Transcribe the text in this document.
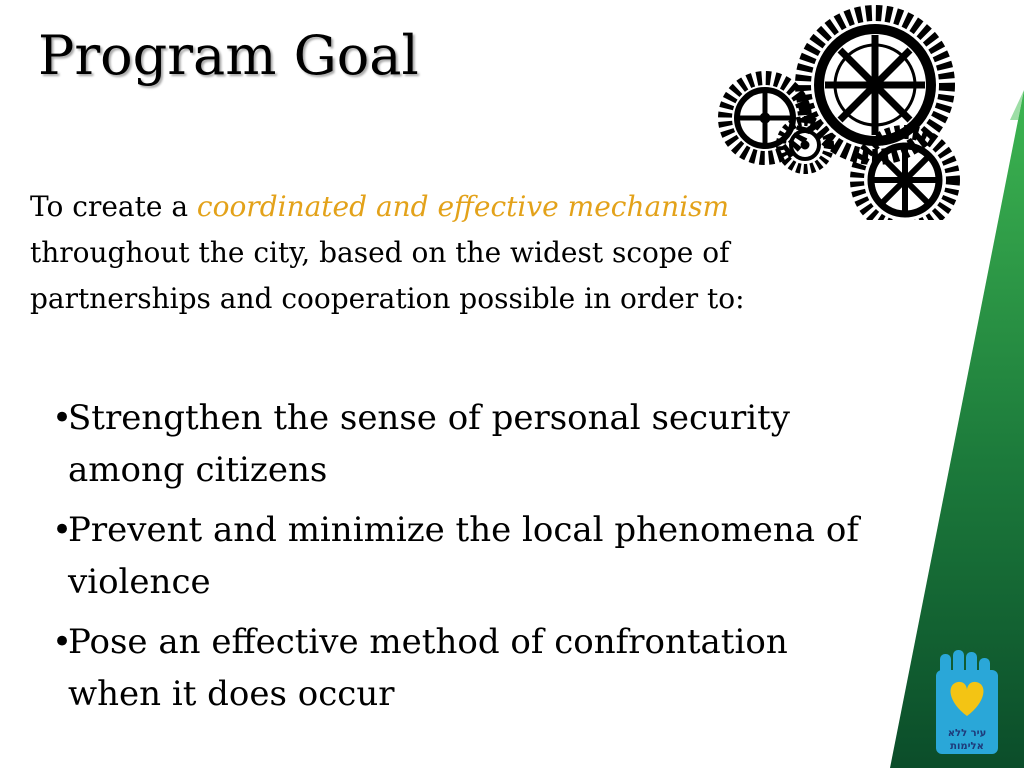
Program Goal

To create a coordinated and effective mechanism throughout the city, based on the widest scope of partnerships and cooperation possible in order to:

•Strengthen the sense of personal security among citizens
•Prevent and minimize the local phenomena of violence
•Pose an effective method of confrontation when it does occur
עיר ללא
אלימות
